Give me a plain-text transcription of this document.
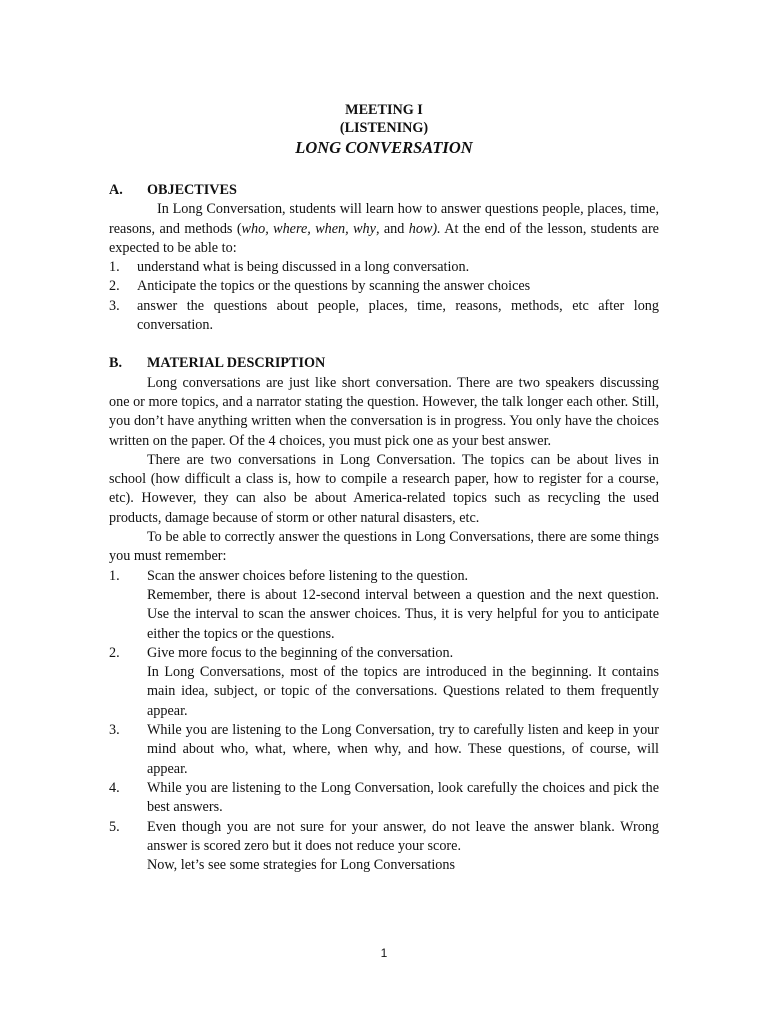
MEETING I
(LISTENING)
LONG CONVERSATION
A.	OBJECTIVES

In Long Conversation, students will learn how to answer questions people, places, time, reasons, and methods (who, where, when, why, and how). At the end of the lesson, students are expected to be able to:

1.	understand what is being discussed in a long conversation.
2.	Anticipate the topics or the questions by scanning the answer choices
3.	answer the questions about people, places, time, reasons, methods, etc after long conversation.
B.	MATERIAL DESCRIPTION

Long conversations are just like short conversation. There are two speakers discussing one or more topics, and a narrator stating the question. However, the talk longer each other. Still, you don’t have anything written when the conversation is in progress. You only have the choices written on the paper. Of the 4 choices, you must pick one as your best answer.

There are two conversations in Long Conversation. The topics can be about lives in school (how difficult a class is, how to compile a research paper, how to register for a course, etc). However, they can also be about America-related topics such as recycling the used products, damage because of storm or other natural disasters, etc.

To be able to correctly answer the questions in Long Conversations, there are some things you must remember:

1.	Scan the answer choices before listening to the question.
Remember, there is about 12-second interval between a question and the next question. Use the interval to scan the answer choices. Thus, it is very helpful for you to anticipate either the topics or the questions.
2.	Give more focus to the beginning of the conversation.
In Long Conversations, most of the topics are introduced in the beginning. It contains main idea, subject, or topic of the conversations. Questions related to them frequently appear.
3.	While you are listening to the Long Conversation, try to carefully listen and keep in your mind about who, what, where, when why, and how. These questions, of course, will appear.
4.	While you are listening to the Long Conversation, look carefully the choices and pick the best answers.
5.	Even though you are not sure for your answer, do not leave the answer blank. Wrong answer is scored zero but it does not reduce your score.
Now, let’s see some strategies for Long Conversations
1
